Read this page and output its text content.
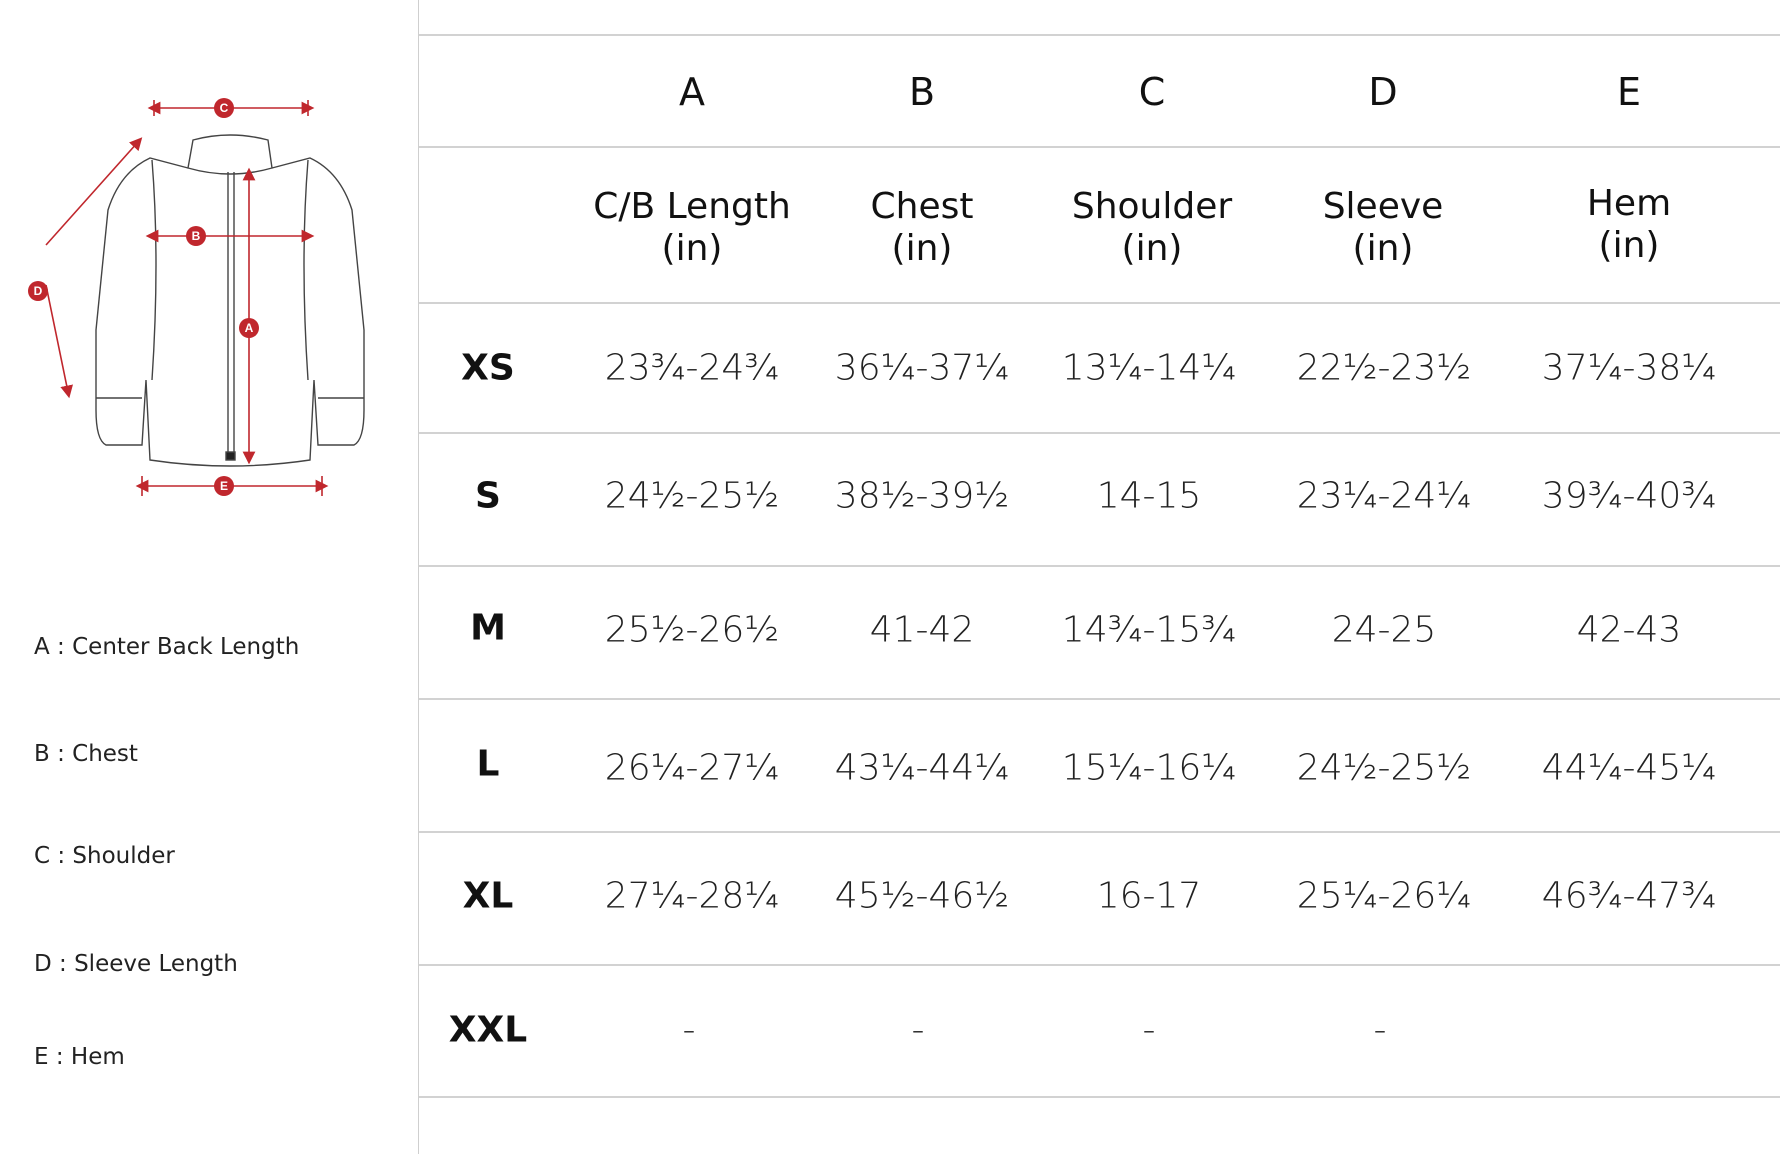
C
B
A
D
E
A : Center Back Length
B : Chest
C : Shoulder
D : Sleeve Length
E : Hem
A	B	C	D	E
C/B Length
(in)
Chest
(in)
Shoulder
(in)
Sleeve
(in)
Hem
(in)
XS 23¾-24¾ 36¼-37¼ 13¼-14¼ 22½-23½ 37¼-38¼
S	24½-25½ 38½-39½ 14-15	23¼-24¼ 39¾-40¾
M	25½-26½	41-42 14¾-15¾	24-25	42-43
L	26¼-27¼ 43¼-44¼ 15¼-16¼ 24½-25½ 44¼-45¼
XL	27¼-28¼ 45½-46½ 16-17	25¼-26¼ 46¾-47¾
XXL	-	-	-	-
